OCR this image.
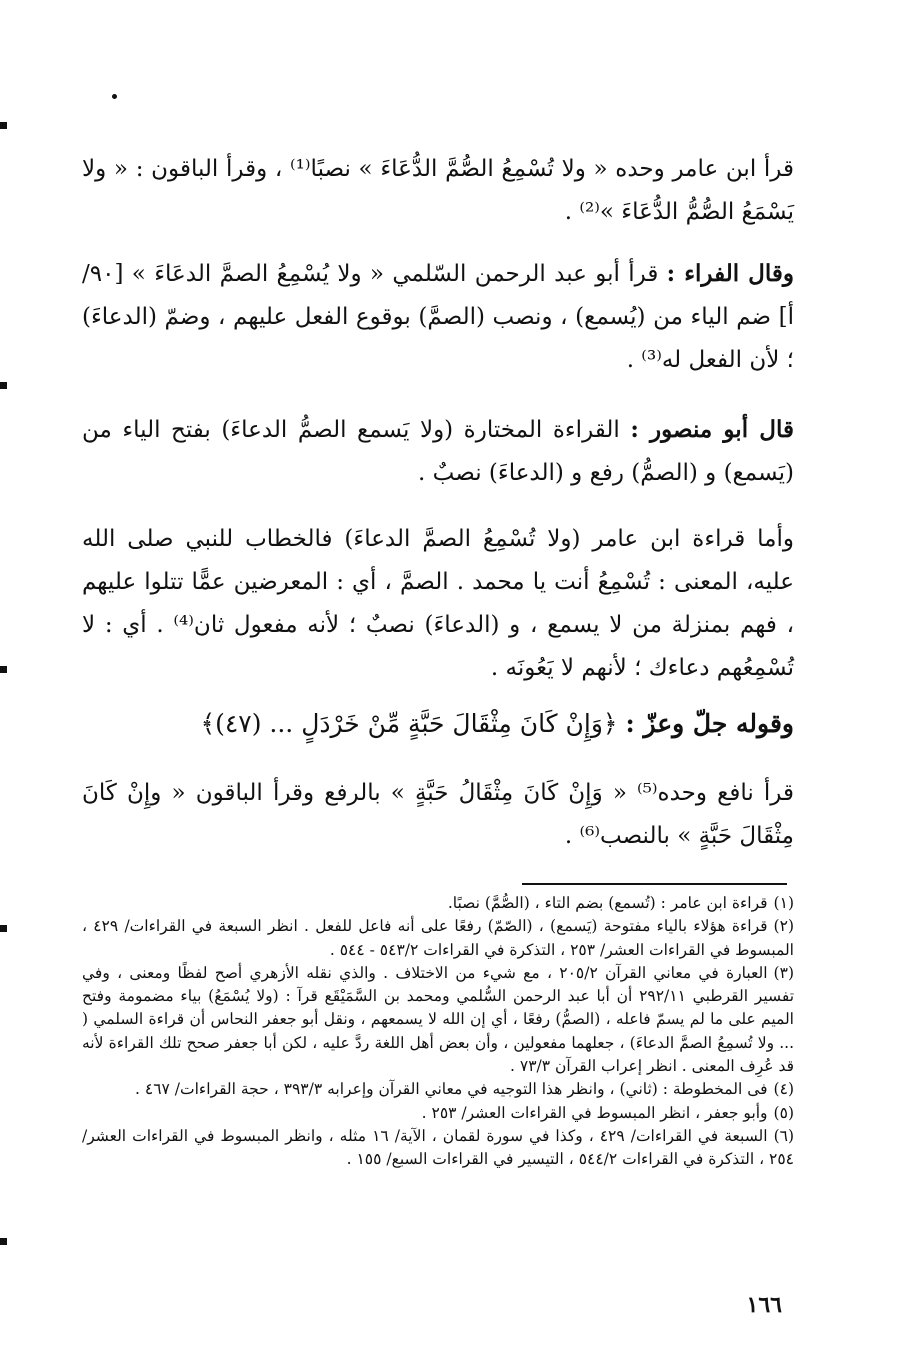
قرأ ابن عامر وحده « ولا تُسْمِعُ الصُّمَّ الدُّعَاءَ » نصبًا⁽¹⁾ ، وقرأ الباقون : « ولا يَسْمَعُ الصُّمُّ الدُّعَاءَ »⁽²⁾ .

وقال الفراء : قرأ أبو عبد الرحمن السّلمي « ولا يُسْمِعُ الصمَّ الدعَاءَ » [٩٠/ أ] ضم الياء من (يُسمع) ، ونصب (الصمَّ) بوقوع الفعل عليهم ، وضمّ (الدعاءَ) ؛ لأن الفعل له⁽³⁾ .

قال أبو منصور : القراءة المختارة (ولا يَسمع الصمُّ الدعاءَ) بفتح الياء من (يَسمع) و (الصمُّ) رفع و (الدعاءَ) نصبٌ .

وأما قراءة ابن عامر (ولا تُسْمِعُ الصمَّ الدعاءَ) فالخطاب للنبي صلى الله عليه، المعنى : تُسْمِعُ أنت يا محمد . الصمَّ ، أي : المعرضين عمًّا تتلوا عليهم ، فهم بمنزلة من لا يسمع ، و (الدعاءَ) نصبٌ ؛ لأنه مفعول ثان⁽⁴⁾ . أي : لا تُسْمِعُهم دعاءك ؛ لأنهم لا يَعُونَه .

وقوله جلّ وعزّ : ﴿وَإِنْ كَانَ مِثْقَالَ حَبَّةٍ مِّنْ خَرْدَلٍ ... (٤٧)﴾

قرأ نافع وحده⁽⁵⁾ « وَإِنْ كَانَ مِثْقَالُ حَبَّةٍ » بالرفع وقرأ الباقون « وإِنْ كَانَ مِثْقَالَ حَبَّةٍ » بالنصب⁽⁶⁾ .

(١)قراءة ابن عامر : (تُسمع) بضم التاء ، (الصُّمَّ) نصبًا.

(٢)قراءة هؤلاء بالياء مفتوحة (يَسمع) ، (الصّمّ) رفعًا على أنه فاعل للفعل . انظر السبعة في القراءات/ ٤٢٩ ، المبسوط في القراءات العشر/ ٢٥٣ ، التذكرة في القراءات ٥٤٣/٢ - ٥٤٤ .

(٣)العبارة في معاني القرآن ٢٠٥/٢ ، مع شيء من الاختلاف . والذي نقله الأزهري أصح لفظًا ومعنى ، وفي تفسير القرطبي ٢٩٢/١١ أن أبا عبد الرحمن السُّلمي ومحمد بن السَّمَيْقَع قرآ : (ولا يُسْمَعُ) بياء مضمومة وفتح الميم على ما لم يسمّ فاعله ، (الصمُّ) رفعًا ، أي إن الله لا يسمعهم ، ونقل أبو جعفر النحاس أن قراءة السلمي ( ... ولا تُسمِعُ الصمَّ الدعاءَ) ، جعلهما مفعولين ، وأن بعض أهل اللغة ردَّ عليه ، لكن أبا جعفر صحح تلك القراءة لأنه قد عُرِف المعنى . انظر إعراب القرآن ٧٣/٣ .

(٤)فى المخطوطة : (ثاني) ، وانظر هذا التوجيه في معاني القرآن وإعرابه ٣٩٣/٣ ، حجة القراءات/ ٤٦٧ .

(٥)وأبو جعفر ، انظر المبسوط في القراءات العشر/ ٢٥٣ .

(٦)السبعة في القراءات/ ٤٢٩ ، وكذا في سورة لقمان ، الآية/ ١٦ مثله ، وانظر المبسوط في القراءات العشر/ ٢٥٤ ، التذكرة في القراءات ٥٤٤/٢ ، التيسير في القراءات السبع/ ١٥٥ .

١٦٦
